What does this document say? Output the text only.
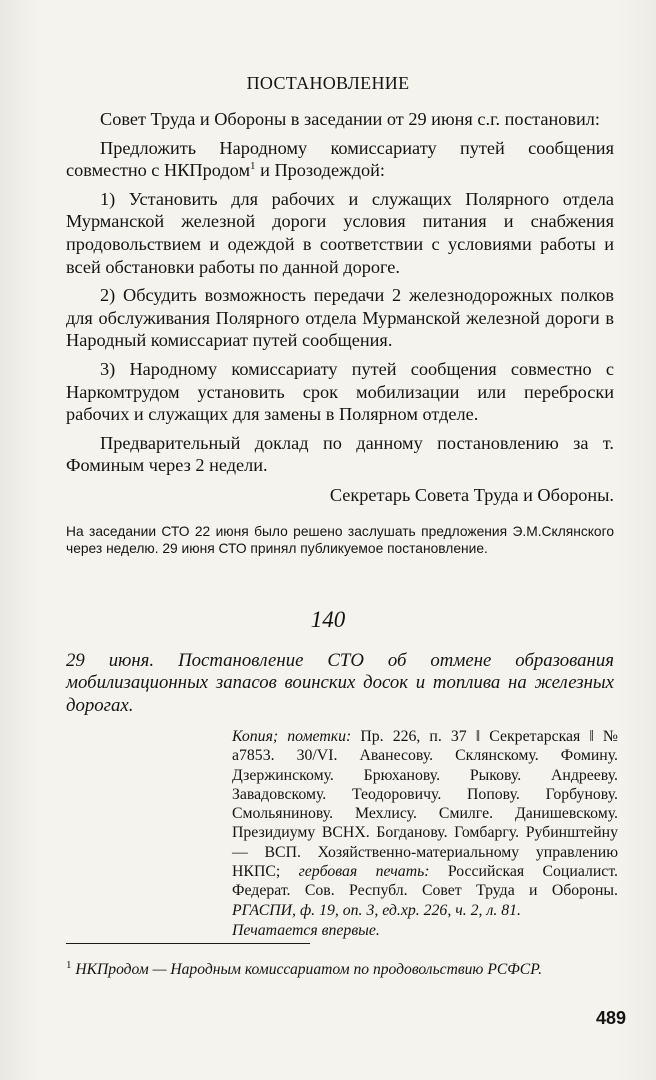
ПОСТАНОВЛЕНИЕ

Совет Труда и Обороны в заседании от 29 июня с.г. постановил:

Предложить Народному комиссариату путей сообщения совместно с НКПродом$^1$ и Прозодеждой:

1) Установить для рабочих и служащих Полярного отдела Мурманской железной дороги условия питания и снабжения продовольствием и одеждой в соответствии с условиями работы и всей обстановки работы по данной дороге.

2) Обсудить возможность передачи 2 железнодорожных полков для обслуживания Полярного отдела Мурманской железной дороги в Народный комиссариат путей сообщения.

3) Народному комиссариату путей сообщения совместно с Наркомтрудом установить срок мобилизации или переброски рабочих и служащих для замены в Полярном отделе.

Предварительный доклад по данному постановлению за т. Фоминым через 2 недели.

Секретарь Совета Труда и Обороны.

На заседании СТО 22 июня было решено заслушать предложения Э.М.Склянского через неделю. 29 июня СТО принял публикуемое постановление.

140

29 июня. Постановление СТО об отмене образования мобилизационных запасов воинских досок и топлива на железных дорогах.

Копия; пометки: Пр. 226, п. 37 ‖ Секретарская ‖ № а7853. 30/VI. Аванесову. Склянскому. Фомину. Дзержинскому. Брюханову. Рыкову. Андрееву. Завадовскому. Теодоровичу. Попову. Горбунову. Смольянинову. Мехлису. Смилге. Данишевскому. Президиуму ВСНХ. Богданову. Гомбаргу. Рубинштейну — ВСП. Хозяйственно-материальному управлению НКПС; гербовая печать: Российская Социалист. Федерат. Сов. Республ. Совет Труда и Обороны. РГАСПИ, ф. 19, оп. 3, ед.хр. 226, ч. 2, л. 81.

Печатается впервые.

$^1$ НКПродом — Народным комиссариатом по продовольствию РСФСР.

489
